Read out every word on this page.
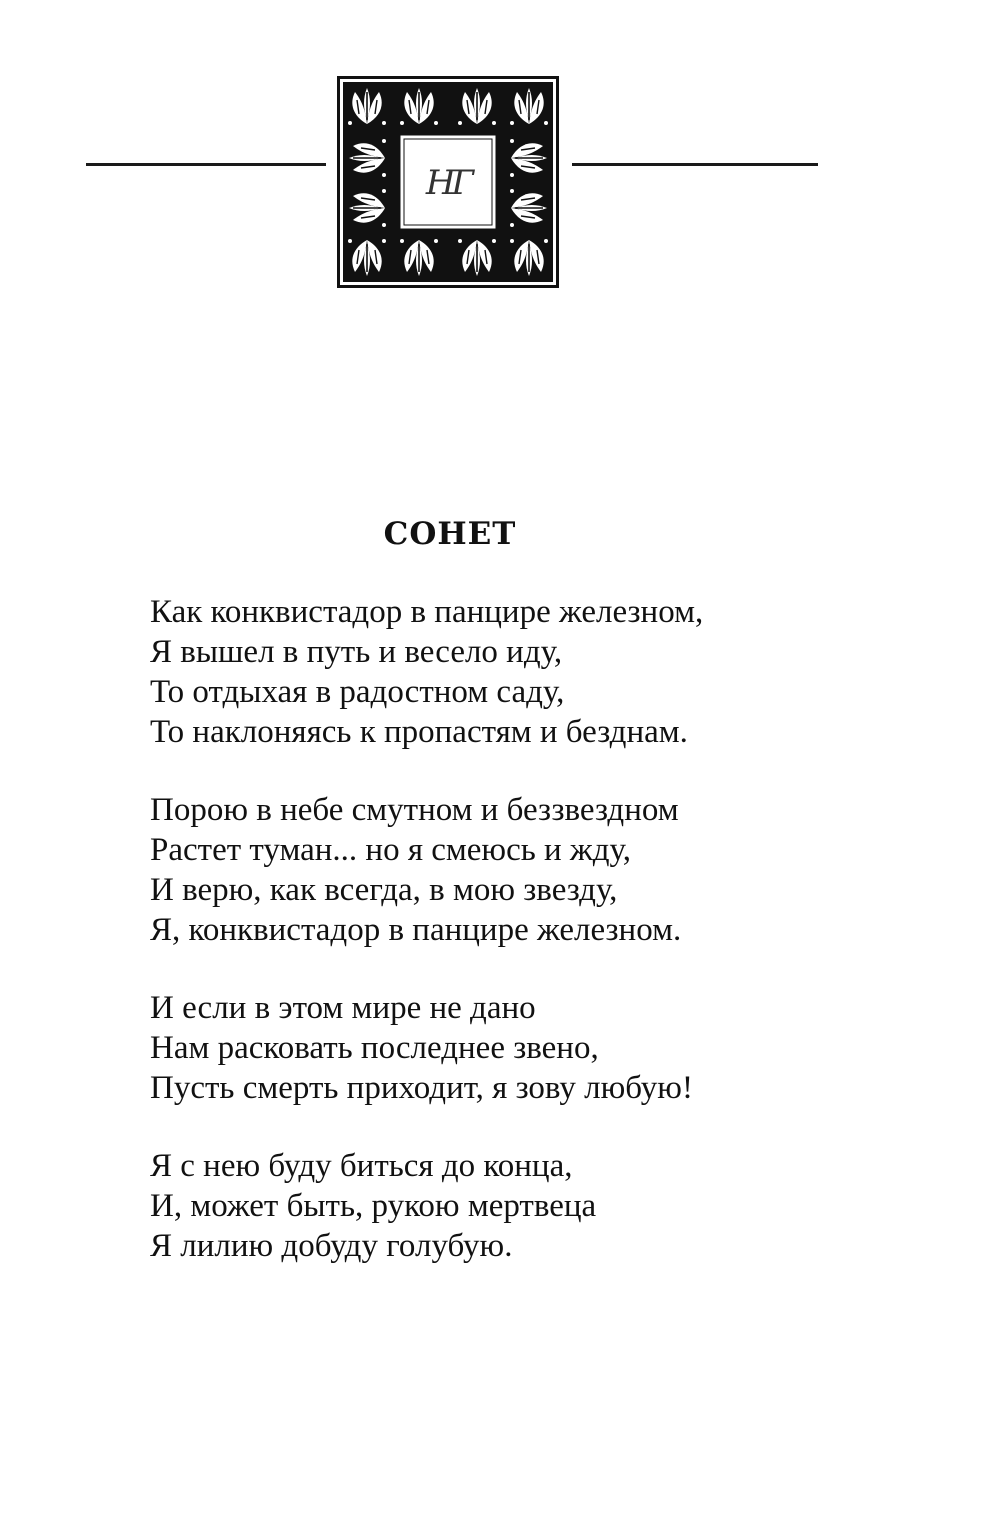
НГ
СОНЕТ
Как конквистадор в панцире железном,
Я вышел в путь и весело иду,
То отдыхая в радостном саду,
То наклоняясь к пропастям и безднам.
Порою в небе смутном и беззвездном
Растет туман... но я смеюсь и жду,
И верю, как всегда, в мою звезду,
Я, конквистадор в панцире железном.
И если в этом мире не дано
Нам расковать последнее звено,
Пусть смерть приходит, я зову любую!
Я с нею буду биться до конца,
И, может быть, рукою мертвеца
Я лилию добуду голубую.
